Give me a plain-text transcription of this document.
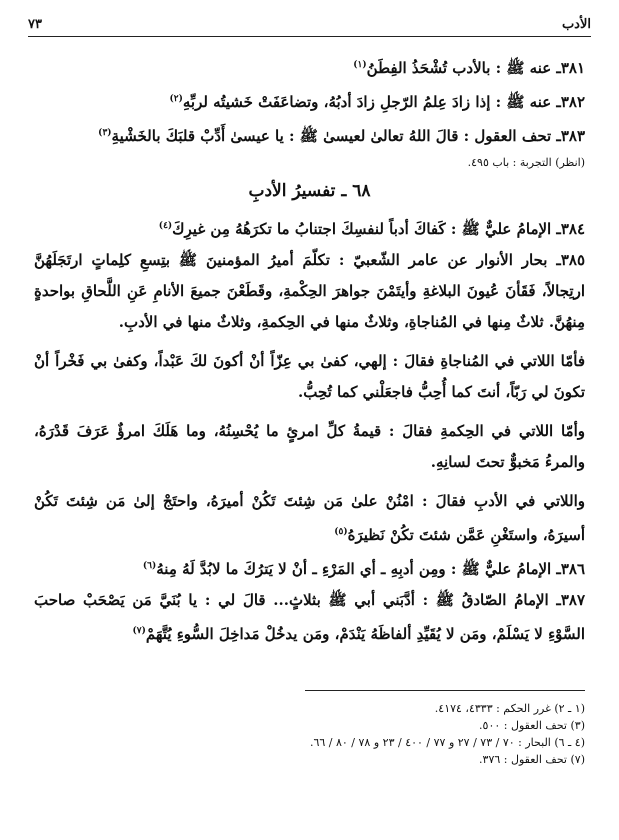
الأدب
٧٣

٣٨١ـ عنه ﷺ : بالأدب تُشْحَذُ الفِطَنُ$^{(١)}$

٣٨٢ـ عنه ﷺ : إذا زادَ عِلمُ الرّجلِ زادَ أدبُهُ، وتضاعَفَتْ خَشيتُه لربِّهِ$^{(٢)}$

٣٨٣ـ تحف العقول : قالَ اللهُ تعالىٰ لعيسىٰ ﷺ : يا عيسىٰ أَدِّبْ قلبَكَ بالخَشْيةِ$^{(٣)}$

(انظر) التجربة : باب ٤٩٥.
٦٨ ـ تفسيرُ الأدبِ

٣٨٤ـ الإمامُ عليٌّ ﷺ : كَفاكَ أدباً لنفسِكَ اجتنابُ ما تكرَهُهُ مِن غيرِكَ$^{(٤)}$

٣٨٥ـ بحار الأنوار عن عامر الشّعبيّ : تكلّمَ أميرُ المؤمنينَ ﷺ بتِسعِ كلِماتٍ ارتَجَلَهُنَّ ارتِجالاً، فَقَأنَ عُيونَ البلاغةِ وأيتَمْنَ جواهرَ الحِكْمةِ، وقَطَعْنَ جميعَ الأنامِ عَنِ اللَّحاقِ بواحدةٍ مِنهُنَّ. ثلاثٌ مِنها في المُناجاةِ، وثلاثٌ منها في الحِكمةِ، وثلاثٌ منها في الأدبِ.

فأمّا اللاتي في المُناجاةِ فقالَ : إلهي، كفىٰ بي عِزّاً أنْ أكونَ لكَ عَبْداً، وكفىٰ بي فَخْراً أنْ تكونَ لي رَبّاً، أنتَ كما أُحِبُّ فاجعَلْني كما تُحِبُّ.

وأمّا اللاتي في الحِكمةِ فقالَ : قيمةُ كلِّ امرئٍ ما يُحْسِنُهُ، وما هَلَكَ امرؤٌ عَرَفَ قَدْرَهُ، والمرءُ مَخبوٌّ تحتَ لسانِهِ.

واللاتي في الأدبِ فقالَ : امْنُنْ علىٰ مَن شِئتَ تَكُنْ أميرَهُ، واحتَجْ إلىٰ مَن شِئتَ تَكُنْ أسيرَهُ، واستَغْنِ عَمَّن شئتَ تكُنْ نَظيرَهُ$^{(٥)}$

٣٨٦ـ الإمامُ عليٌّ ﷺ : ومِن أدبِهِ ـ أي المَرْءِ ـ أنْ لا يَترُكَ ما لابُدَّ لَهُ مِنهُ$^{(٦)}$

٣٨٧ـ الإمامُ الصّادقُ ﷺ : أدَّبَني أبي ﷺ بثلاثٍ... قالَ لي : يا بُنَيَّ مَن يَصْحَبْ صاحبَ السَّوْءِ لا يَسْلَمْ، ومَن لا يُقَيِّدِ ألفاظَهُ يَنْدَمْ، ومَن يدخُلْ مَداخِلَ السُّوءِ يُتَّهَمْ$^{(٧)}$

(١ ـ ٢) غرر الحكم : ٤٣٣٣، ٤١٧٤.
(٣) تحف العقول : ٥٠٠.
(٤ ـ ٦) البحار : ٧٠ / ٧٣ / ٢٧ و ٧٧ / ٤٠٠ / ٢٣ و ٧٨ / ٨٠ / ٦٦.
(٧) تحف العقول : ٣٧٦.
